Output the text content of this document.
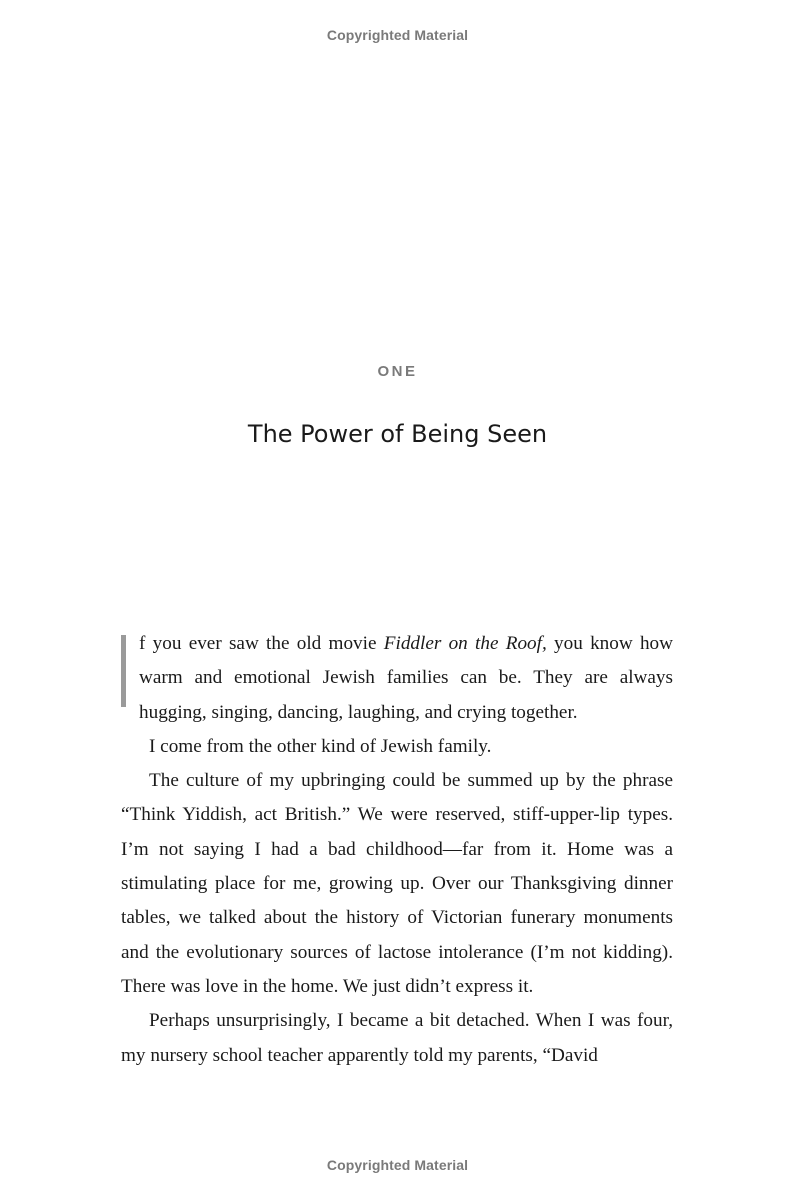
Copyrighted Material
ONE
The Power of Being Seen

f you ever saw the old movie Fiddler on the Roof, you know how warm and emotional Jewish families can be. They are always hugging, singing, dancing, laughing, and crying together.

I come from the other kind of Jewish family.

The culture of my upbringing could be summed up by the phrase “Think Yiddish, act British.” We were reserved, stiff-upper-lip types. I’m not saying I had a bad childhood—far from it. Home was a stimulating place for me, growing up. Over our Thanksgiving dinner tables, we talked about the history of Victorian funerary monuments and the evolutionary sources of lactose intolerance (I’m not kidding). There was love in the home. We just didn’t express it.

Perhaps unsurprisingly, I became a bit detached. When I was four, my nursery school teacher apparently told my parents, “David

Copyrighted Material
